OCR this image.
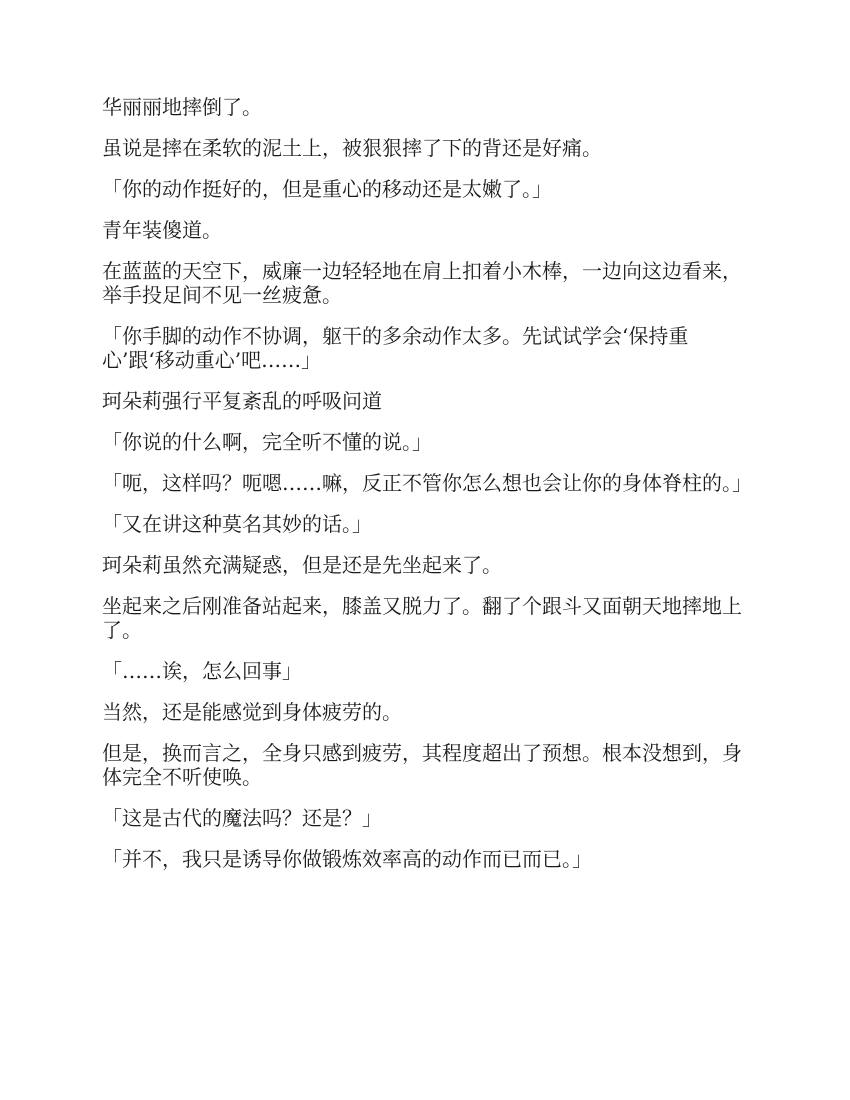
华丽丽地摔倒了。

虽说是摔在柔软的泥土上，被狠狠摔了下的背还是好痛。

「你的动作挺好的，但是重心的移动还是太嫩了。」

青年装傻道。

在蓝蓝的天空下，威廉一边轻轻地在肩上扣着小木棒，一边向这边看来，举手投足间不见一丝疲惫。

「你手脚的动作不协调，躯干的多余动作太多。先试试学会‘保持重心’跟‘移动重心’吧……」

珂朵莉强行平复紊乱的呼吸问道

「你说的什么啊，完全听不懂的说。」

「呃，这样吗？呃嗯……嘛，反正不管你怎么想也会让你的身体脊柱的。」

「又在讲这种莫名其妙的话。」

珂朵莉虽然充满疑惑，但是还是先坐起来了。

坐起来之后刚准备站起来，膝盖又脱力了。翻了个跟斗又面朝天地摔地上了。

「……诶，怎么回事」

当然，还是能感觉到身体疲劳的。

但是，换而言之，全身只感到疲劳，其程度超出了预想。根本没想到，身体完全不听使唤。

「这是古代的魔法吗？还是？」

「并不，我只是诱导你做锻炼效率高的动作而已而已。」
